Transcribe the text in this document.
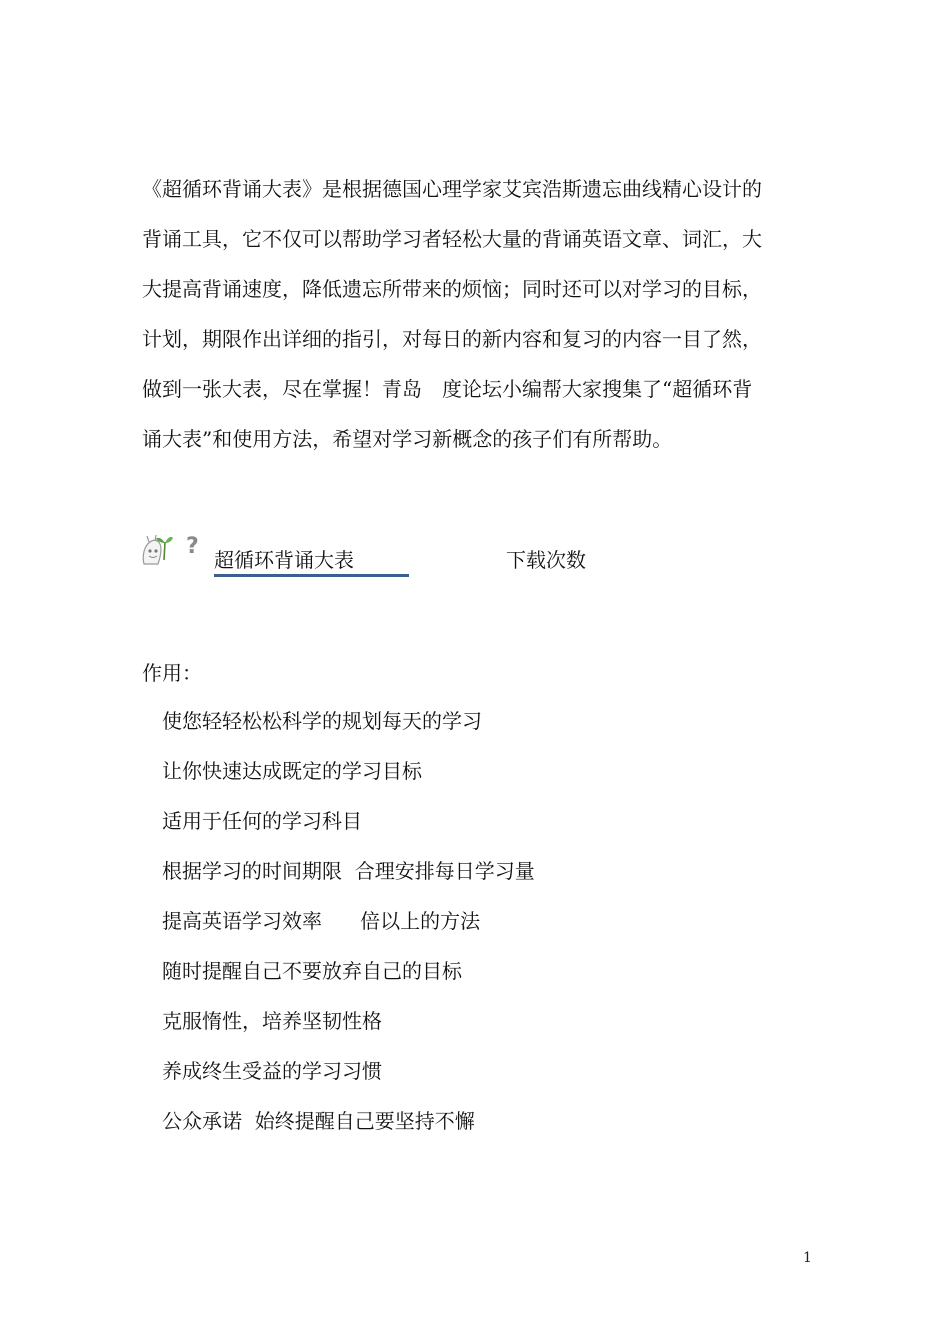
《超循环背诵大表》是根据德国心理学家艾宾浩斯遗忘曲线精心设计的
背诵工具，它不仅可以帮助学习者轻松大量的背诵英语文章、词汇，大
大提高背诵速度，降低遗忘所带来的烦恼；同时还可以对学习的目标，
计划，期限作出详细的指引，对每日的新内容和复习的内容一目了然，
做到一张大表，尽在掌握！青岛　度论坛小编帮大家搜集了“超循环背
诵大表”和使用方法，希望对学习新概念的孩子们有所帮助。
?
超循环背诵大表	下载次数
作用：
使您轻轻松松科学的规划每天的学习
让你快速达成既定的学习目标
适用于任何的学习科目
根据学习的时间期限  合理安排每日学习量
提高英语学习效率      倍以上的方法
随时提醒自己不要放弃自己的目标
克服惰性，培养坚韧性格
养成终生受益的学习习惯
公众承诺  始终提醒自己要坚持不懈
1
